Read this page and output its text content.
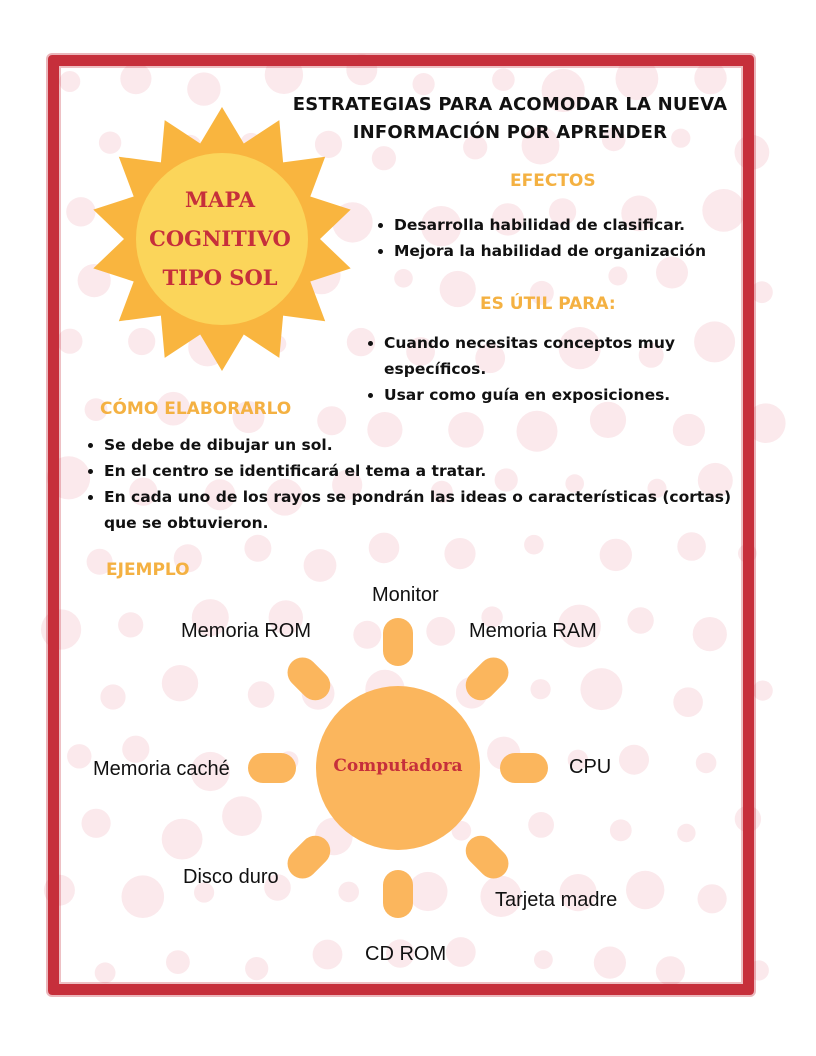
ESTRATEGIAS PARA ACOMODAR LA NUEVA
INFORMACIÓN POR APRENDER
MAPA
COGNITIVO
TIPO SOL
EFECTOS
• Desarrolla habilidad de clasificar.
• Mejora la habilidad de organización
ES ÚTIL PARA:
• Cuando necesitas conceptos muy específicos.
• Usar como guía en exposiciones.
CÓMO ELABORARLO
• Se debe de dibujar un sol.
• En el centro se identificará el tema a tratar.
• En cada uno de los rayos se pondrán las ideas o características (cortas) que se obtuvieron.
EJEMPLO
Computadora
Monitor
Memoria RAM
CPU
Tarjeta madre
CD ROM
Disco duro
Memoria caché
Memoria ROM
